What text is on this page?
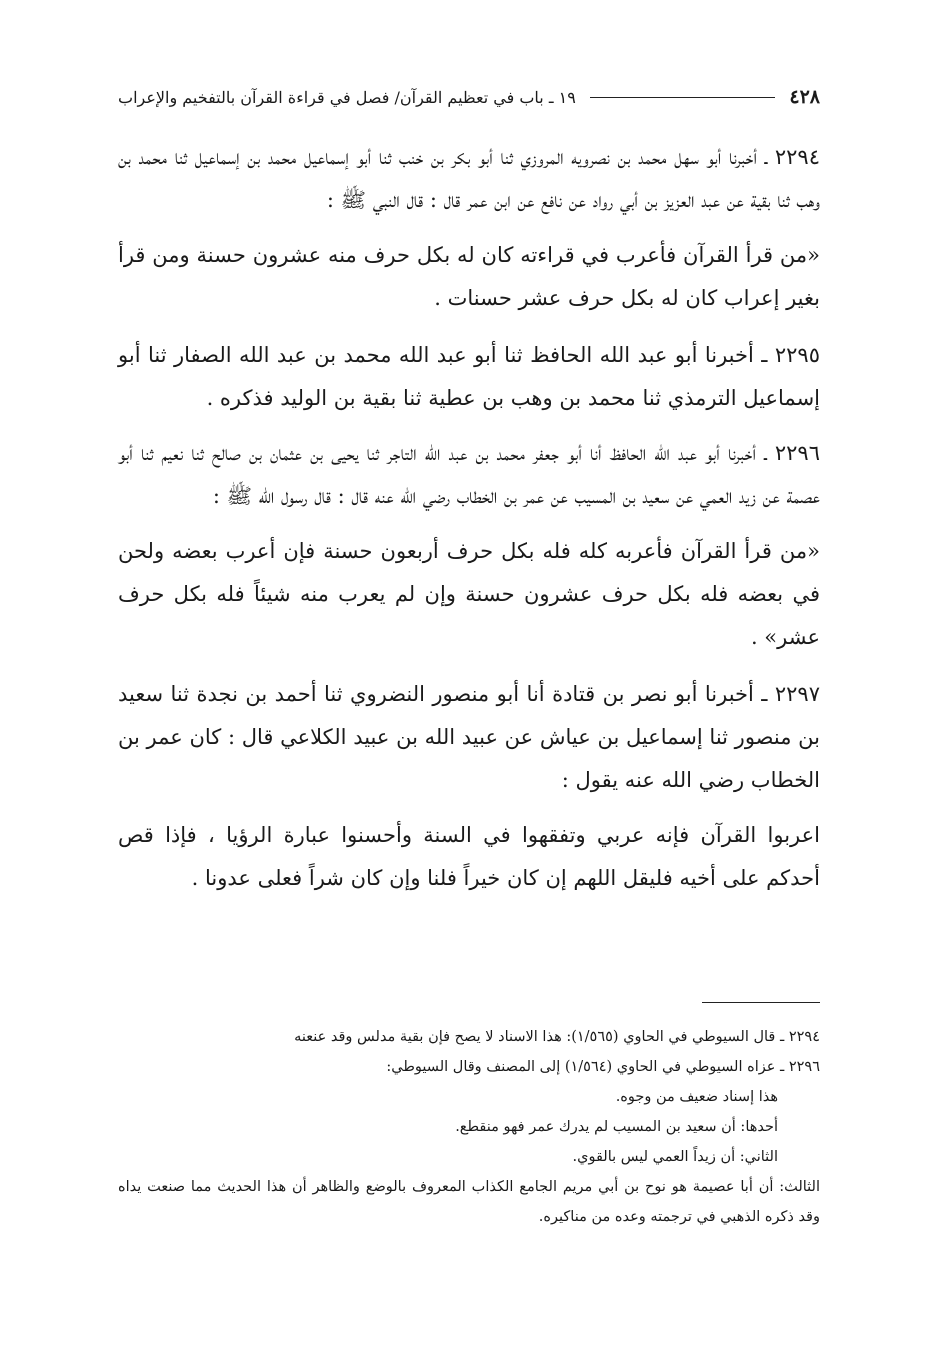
٤٢٨
١٩ ـ باب في تعظيم القرآن/ فصل في قراءة القرآن بالتفخيم والإعراب

٢٢٩٤ ـ أخبرنا أبو سهل محمد بن نصرويه المروزي ثنا أبو بكر بن خنب ثنا أبو إسماعيل محمد بن إسماعيل ثنا محمد بن وهب ثنا بقية عن عبد العزيز بن أبي رواد عن نافع عن ابن عمر قال : قال النبي ﷺ :

«من قرأ القرآن فأعرب في قراءته كان له بكل حرف منه عشرون حسنة ومن قرأ بغير إعراب كان له بكل حرف عشر حسنات .

٢٢٩٥ ـ أخبرنا أبو عبد الله الحافظ ثنا أبو عبد الله محمد بن عبد الله الصفار ثنا أبو إسماعيل الترمذي ثنا محمد بن وهب بن عطية ثنا بقية بن الوليد فذكره .

٢٢٩٦ ـ أخبرنا أبو عبد الله الحافظ أنا أبو جعفر محمد بن عبد الله التاجر ثنا يحيى بن عثمان بن صالح ثنا نعيم ثنا أبو عصمة عن زيد العمي عن سعيد بن المسيب عن عمر بن الخطاب رضي الله عنه قال : قال رسول الله ﷺ :

«من قرأ القرآن فأعربه كله فله بكل حرف أربعون حسنة فإن أعرب بعضه ولحن في بعضه فله بكل حرف عشرون حسنة وإن لم يعرب منه شيئاً فله بكل حرف عشر» .

٢٢٩٧ ـ أخبرنا أبو نصر بن قتادة أنا أبو منصور النضروي ثنا أحمد بن نجدة ثنا سعيد بن منصور ثنا إسماعيل بن عياش عن عبيد الله بن عبيد الكلاعي قال : كان عمر بن الخطاب رضي الله عنه يقول :

اعربوا القرآن فإنه عربي وتفقهوا في السنة وأحسنوا عبارة الرؤيا ، فإذا قص أحدكم على أخيه فليقل اللهم إن كان خيراً فلنا وإن كان شراً فعلى عدونا .

٢٢٩٤ ـ قال السيوطي في الحاوي (١/٥٦٥): هذا الاسناد لا يصح فإن بقية مدلس وقد عنعنه

٢٢٩٦ ـ عزاه السيوطي في الحاوي (١/٥٦٤) إلى المصنف وقال السيوطي:

هذا إسناد ضعيف من وجوه.

أحدها: أن سعيد بن المسيب لم يدرك عمر فهو منقطع.

الثاني: أن زيداً العمي ليس بالقوي.

الثالث: أن أبا عصيمة هو نوح بن أبي مريم الجامع الكذاب المعروف بالوضع والظاهر أن هذا الحديث مما صنعت يداه وقد ذكره الذهبي في ترجمته وعده من مناكيره.
